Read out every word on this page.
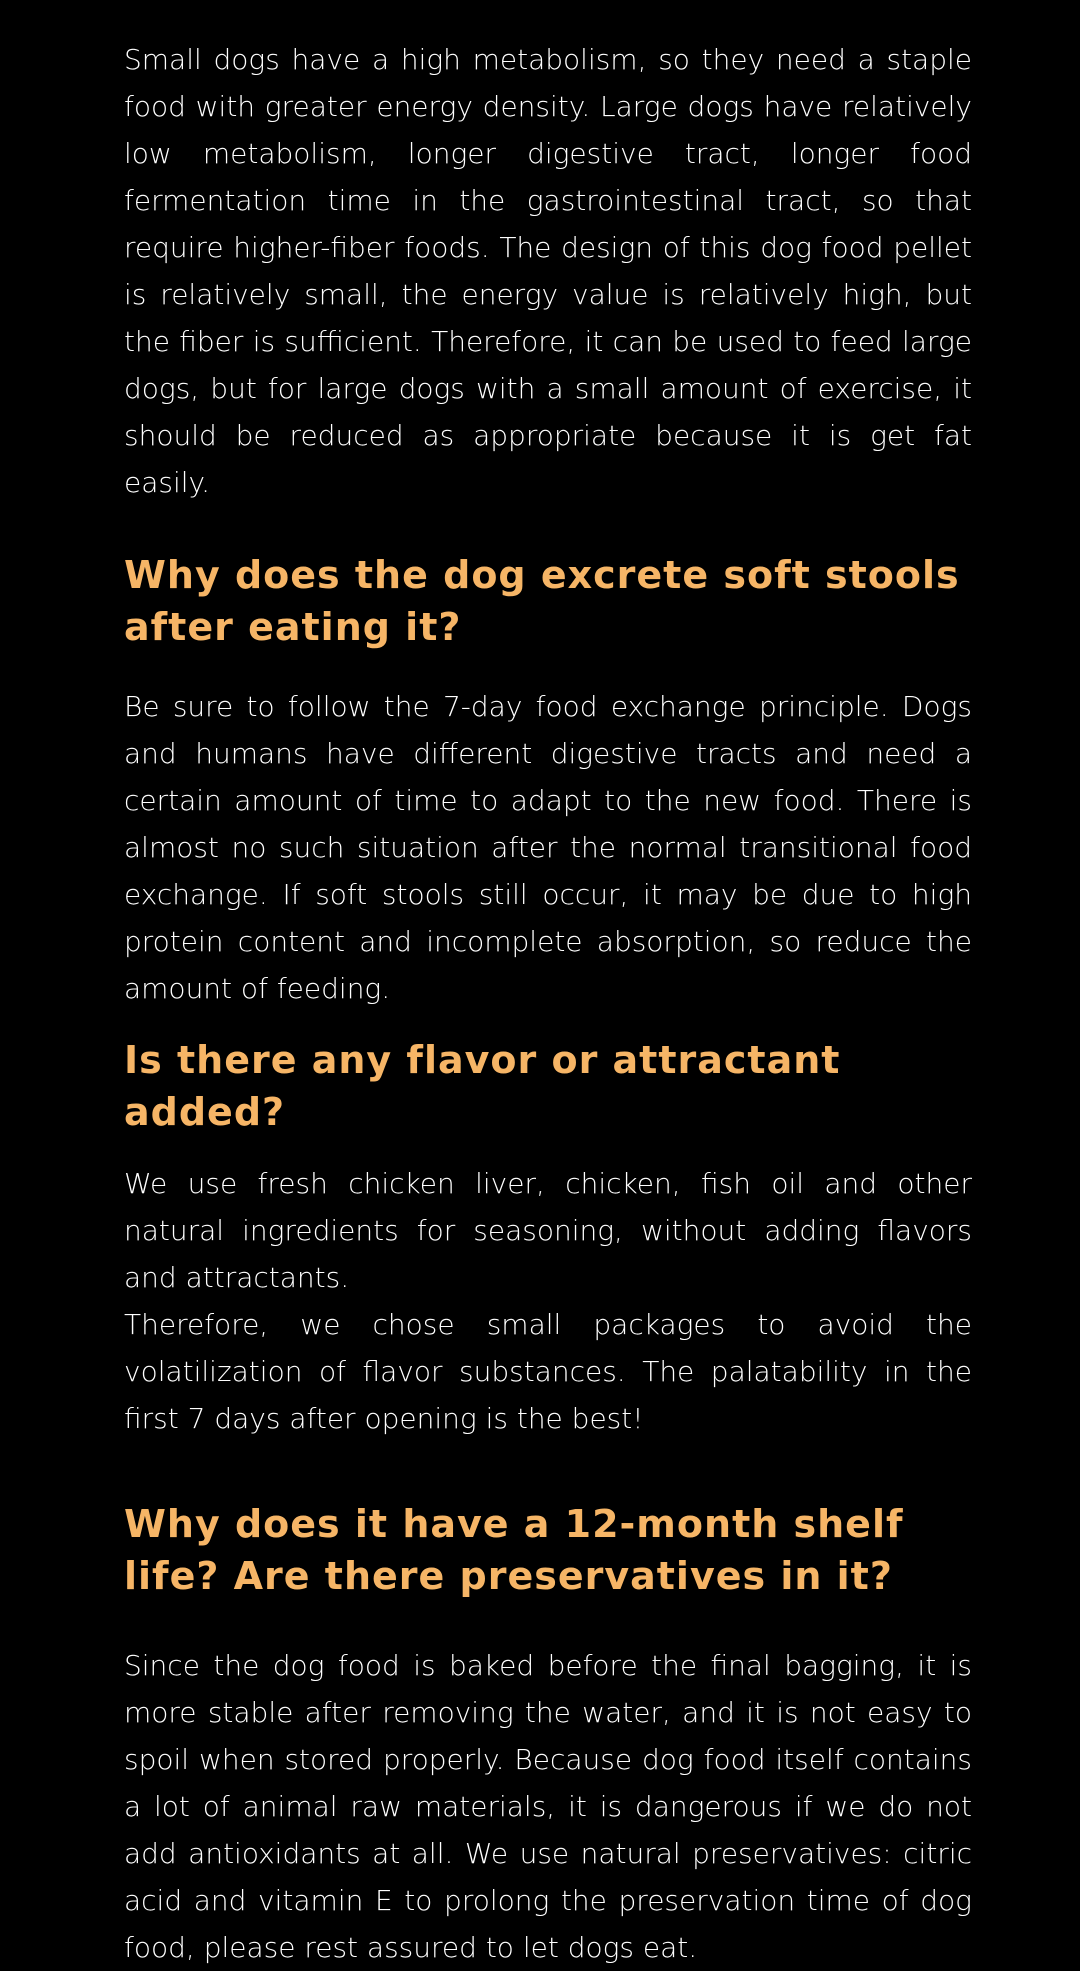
Small dogs have a high metabolism, so they need a staple food with greater energy density. Large dogs have relatively low metabolism, longer digestive tract, longer food fermentation time in the gastrointestinal tract, so that require higher-fiber foods. The design of this dog food pellet is relatively small, the energy value is relatively high, but the fiber is sufficient. Therefore, it can be used to feed large dogs, but for large dogs with a small amount of exercise, it should be reduced as appropriate because it is get fat easily.

Why does the dog excrete soft stools
after eating it?

Be sure to follow the 7-day food exchange principle. Dogs and humans have different digestive tracts and need a certain amount of time to adapt to the new food. There is almost no such situation after the normal transitional food exchange. If soft stools still occur, it may be due to high protein content and incomplete absorption, so reduce the amount of feeding.

Is there any flavor or attractant
added?

We use fresh chicken liver, chicken, fish oil and other natural ingredients for seasoning, without adding flavors and attractants.

Therefore, we chose small packages to avoid the volatilization of flavor substances. The palatability in the first 7 days after opening is the best!

Why does it have a 12-month shelf
life? Are there preservatives in it?

Since the dog food is baked before the final bagging, it is more stable after removing the water, and it is not easy to spoil when stored properly. Because dog food itself contains a lot of animal raw materials, it is dangerous if we do not add antioxidants at all. We use natural preservatives: citric acid and vitamin E to prolong the preservation time of dog food, please rest assured to let dogs eat.
